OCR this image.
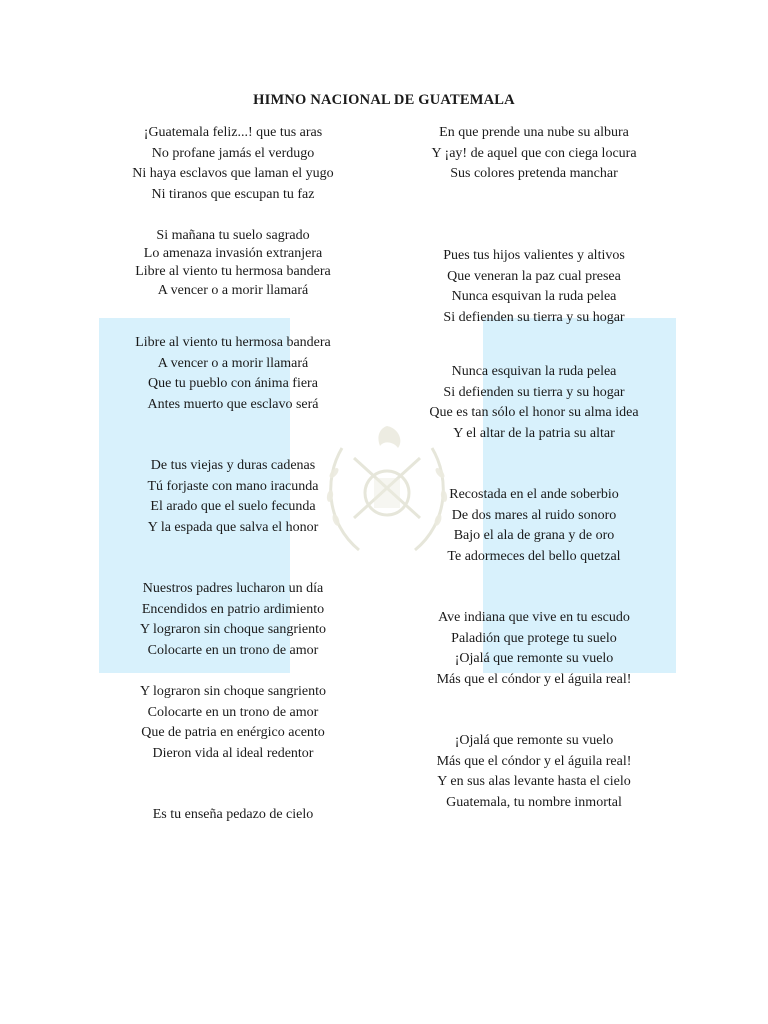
HIMNO NACIONAL DE GUATEMALA
¡Guatemala feliz...! que tus aras
No profane jamás el verdugo
Ni haya esclavos que laman el yugo
Ni tiranos que escupan tu faz
Si mañana tu suelo sagrado
Lo amenaza invasión extranjera
Libre al viento tu hermosa bandera
A vencer o a morir llamará
Libre al viento tu hermosa bandera
A vencer o a morir llamará
Que tu pueblo con ánima fiera
Antes muerto que esclavo será
De tus viejas y duras cadenas
Tú forjaste con mano iracunda
El arado que el suelo fecunda
Y la espada que salva el honor
Nuestros padres lucharon un día
Encendidos en patrio ardimiento
Y lograron sin choque sangriento
Colocarte en un trono de amor
Y lograron sin choque sangriento
Colocarte en un trono de amor
Que de patria en enérgico acento
Dieron vida al ideal redentor
Es tu enseña pedazo de cielo
En que prende una nube su albura
Y ¡ay! de aquel que con ciega locura
Sus colores pretenda manchar
Pues tus hijos valientes y altivos
Que veneran la paz cual presea
Nunca esquivan la ruda pelea
Si defienden su tierra y su hogar
Nunca esquivan la ruda pelea
Si defienden su tierra y su hogar
Que es tan sólo el honor su alma idea
Y el altar de la patria su altar
Recostada en el ande soberbio
De dos mares al ruido sonoro
Bajo el ala de grana y de oro
Te adormeces del bello quetzal
Ave indiana que vive en tu escudo
Paladión que protege tu suelo
¡Ojalá que remonte su vuelo
Más que el cóndor y el águila real!
¡Ojalá que remonte su vuelo
Más que el cóndor y el águila real!
Y en sus alas levante hasta el cielo
Guatemala, tu nombre inmortal
